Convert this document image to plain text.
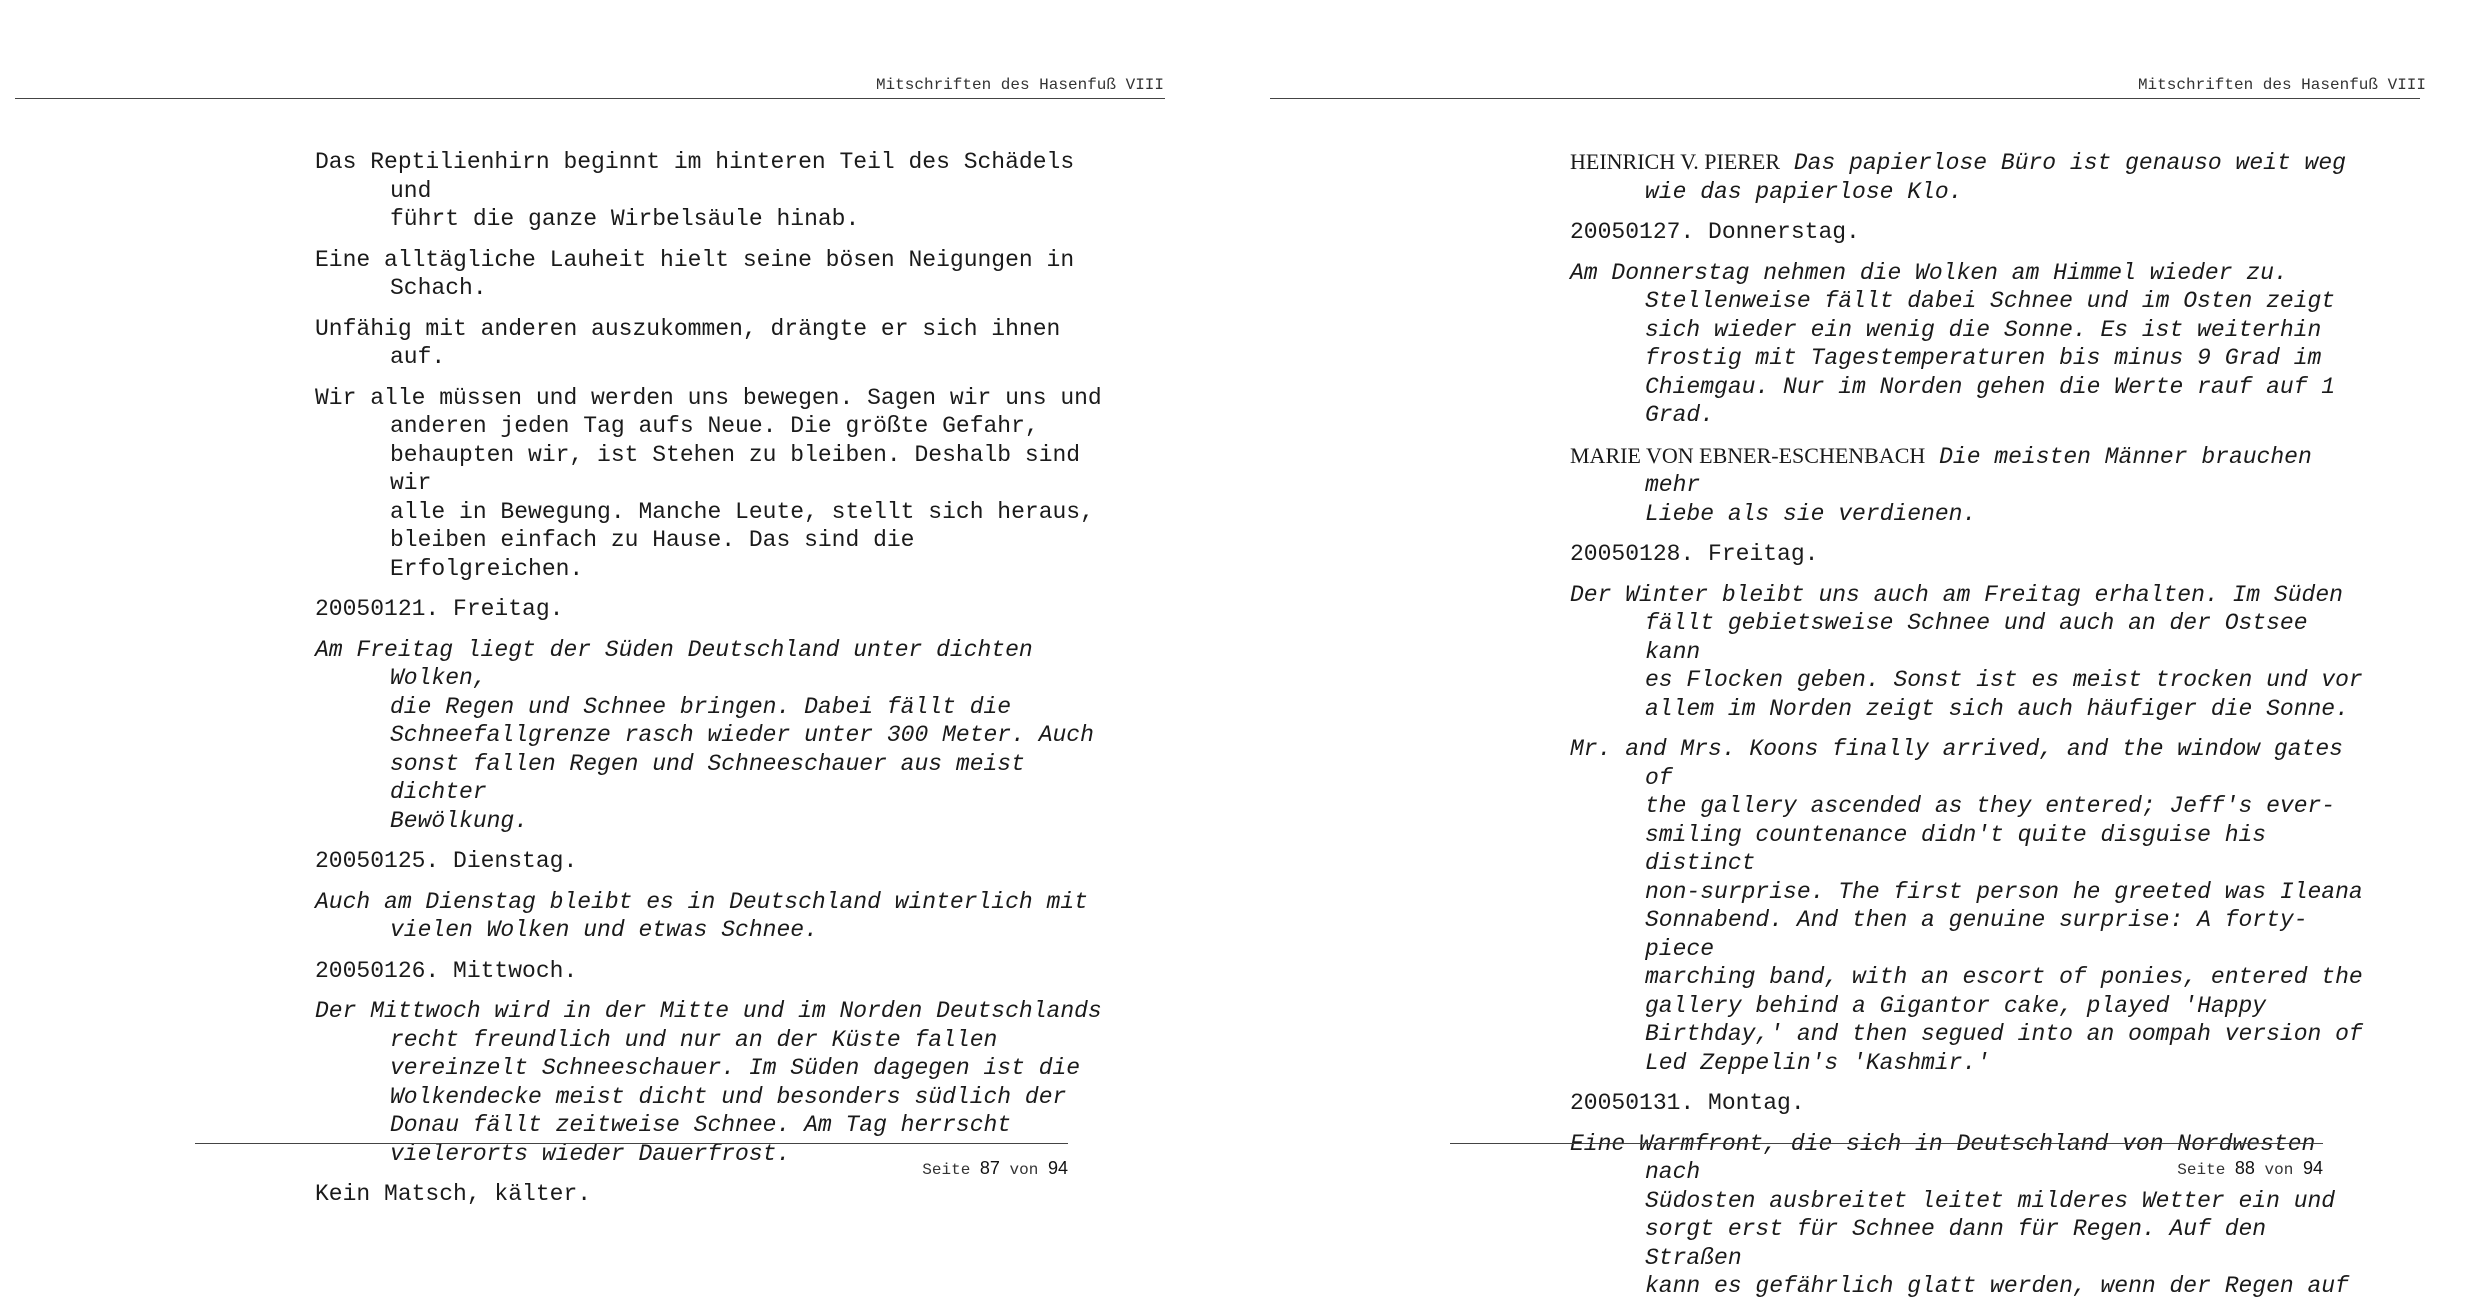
Mitschriften des Hasenfuß VIII

Das Reptilienhirn beginnt im hinteren Teil des Schädels und
führt die ganze Wirbelsäule hinab.

Eine alltägliche Lauheit hielt seine bösen Neigungen in
Schach.

Unfähig mit anderen auszukommen, drängte er sich ihnen auf.

Wir alle müssen und werden uns bewegen. Sagen wir uns und
anderen jeden Tag aufs Neue. Die größte Gefahr,
behaupten wir, ist Stehen zu bleiben. Deshalb sind wir
alle in Bewegung. Manche Leute, stellt sich heraus,
bleiben einfach zu Hause. Das sind die Erfolgreichen.

20050121. Freitag.

Am Freitag liegt der Süden Deutschland unter dichten Wolken,
die Regen und Schnee bringen. Dabei fällt die
Schneefallgrenze rasch wieder unter 300 Meter. Auch
sonst fallen Regen und Schneeschauer aus meist dichter
Bewölkung.

20050125. Dienstag.

Auch am Dienstag bleibt es in Deutschland winterlich mit
vielen Wolken und etwas Schnee.

20050126. Mittwoch.

Der Mittwoch wird in der Mitte und im Norden Deutschlands
recht freundlich und nur an der Küste fallen
vereinzelt Schneeschauer. Im Süden dagegen ist die
Wolkendecke meist dicht und besonders südlich der
Donau fällt zeitweise Schnee. Am Tag herrscht
vielerorts wieder Dauerfrost.

Kein Matsch, kälter.

Seite 87 von 94
Mitschriften des Hasenfuß VIII

HEINRICH V. PIERER Das papierlose Büro ist genauso weit weg
wie das papierlose Klo.

20050127. Donnerstag.

Am Donnerstag nehmen die Wolken am Himmel wieder zu.
Stellenweise fällt dabei Schnee und im Osten zeigt
sich wieder ein wenig die Sonne. Es ist weiterhin
frostig mit Tagestemperaturen bis minus 9 Grad im
Chiemgau. Nur im Norden gehen die Werte rauf auf 1
Grad.

MARIE VON EBNER-ESCHENBACH Die meisten Männer brauchen mehr
Liebe als sie verdienen.

20050128. Freitag.

Der Winter bleibt uns auch am Freitag erhalten. Im Süden
fällt gebietsweise Schnee und auch an der Ostsee kann
es Flocken geben. Sonst ist es meist trocken und vor
allem im Norden zeigt sich auch häufiger die Sonne.

Mr. and Mrs. Koons finally arrived, and the window gates of
the gallery ascended as they entered; Jeff's ever-
smiling countenance didn't quite disguise his distinct
non-surprise. The first person he greeted was Ileana
Sonnabend. And then a genuine surprise: A forty-piece
marching band, with an escort of ponies, entered the
gallery behind a Gigantor cake, played 'Happy
Birthday,' and then segued into an oompah version of
Led Zeppelin's 'Kashmir.'

20050131. Montag.

Eine Warmfront, die sich in Deutschland von Nordwesten nach
Südosten ausbreitet leitet milderes Wetter ein und
sorgt erst für Schnee dann für Regen. Auf den Straßen
kann es gefährlich glatt werden, wenn der Regen auf

Seite 88 von 94
